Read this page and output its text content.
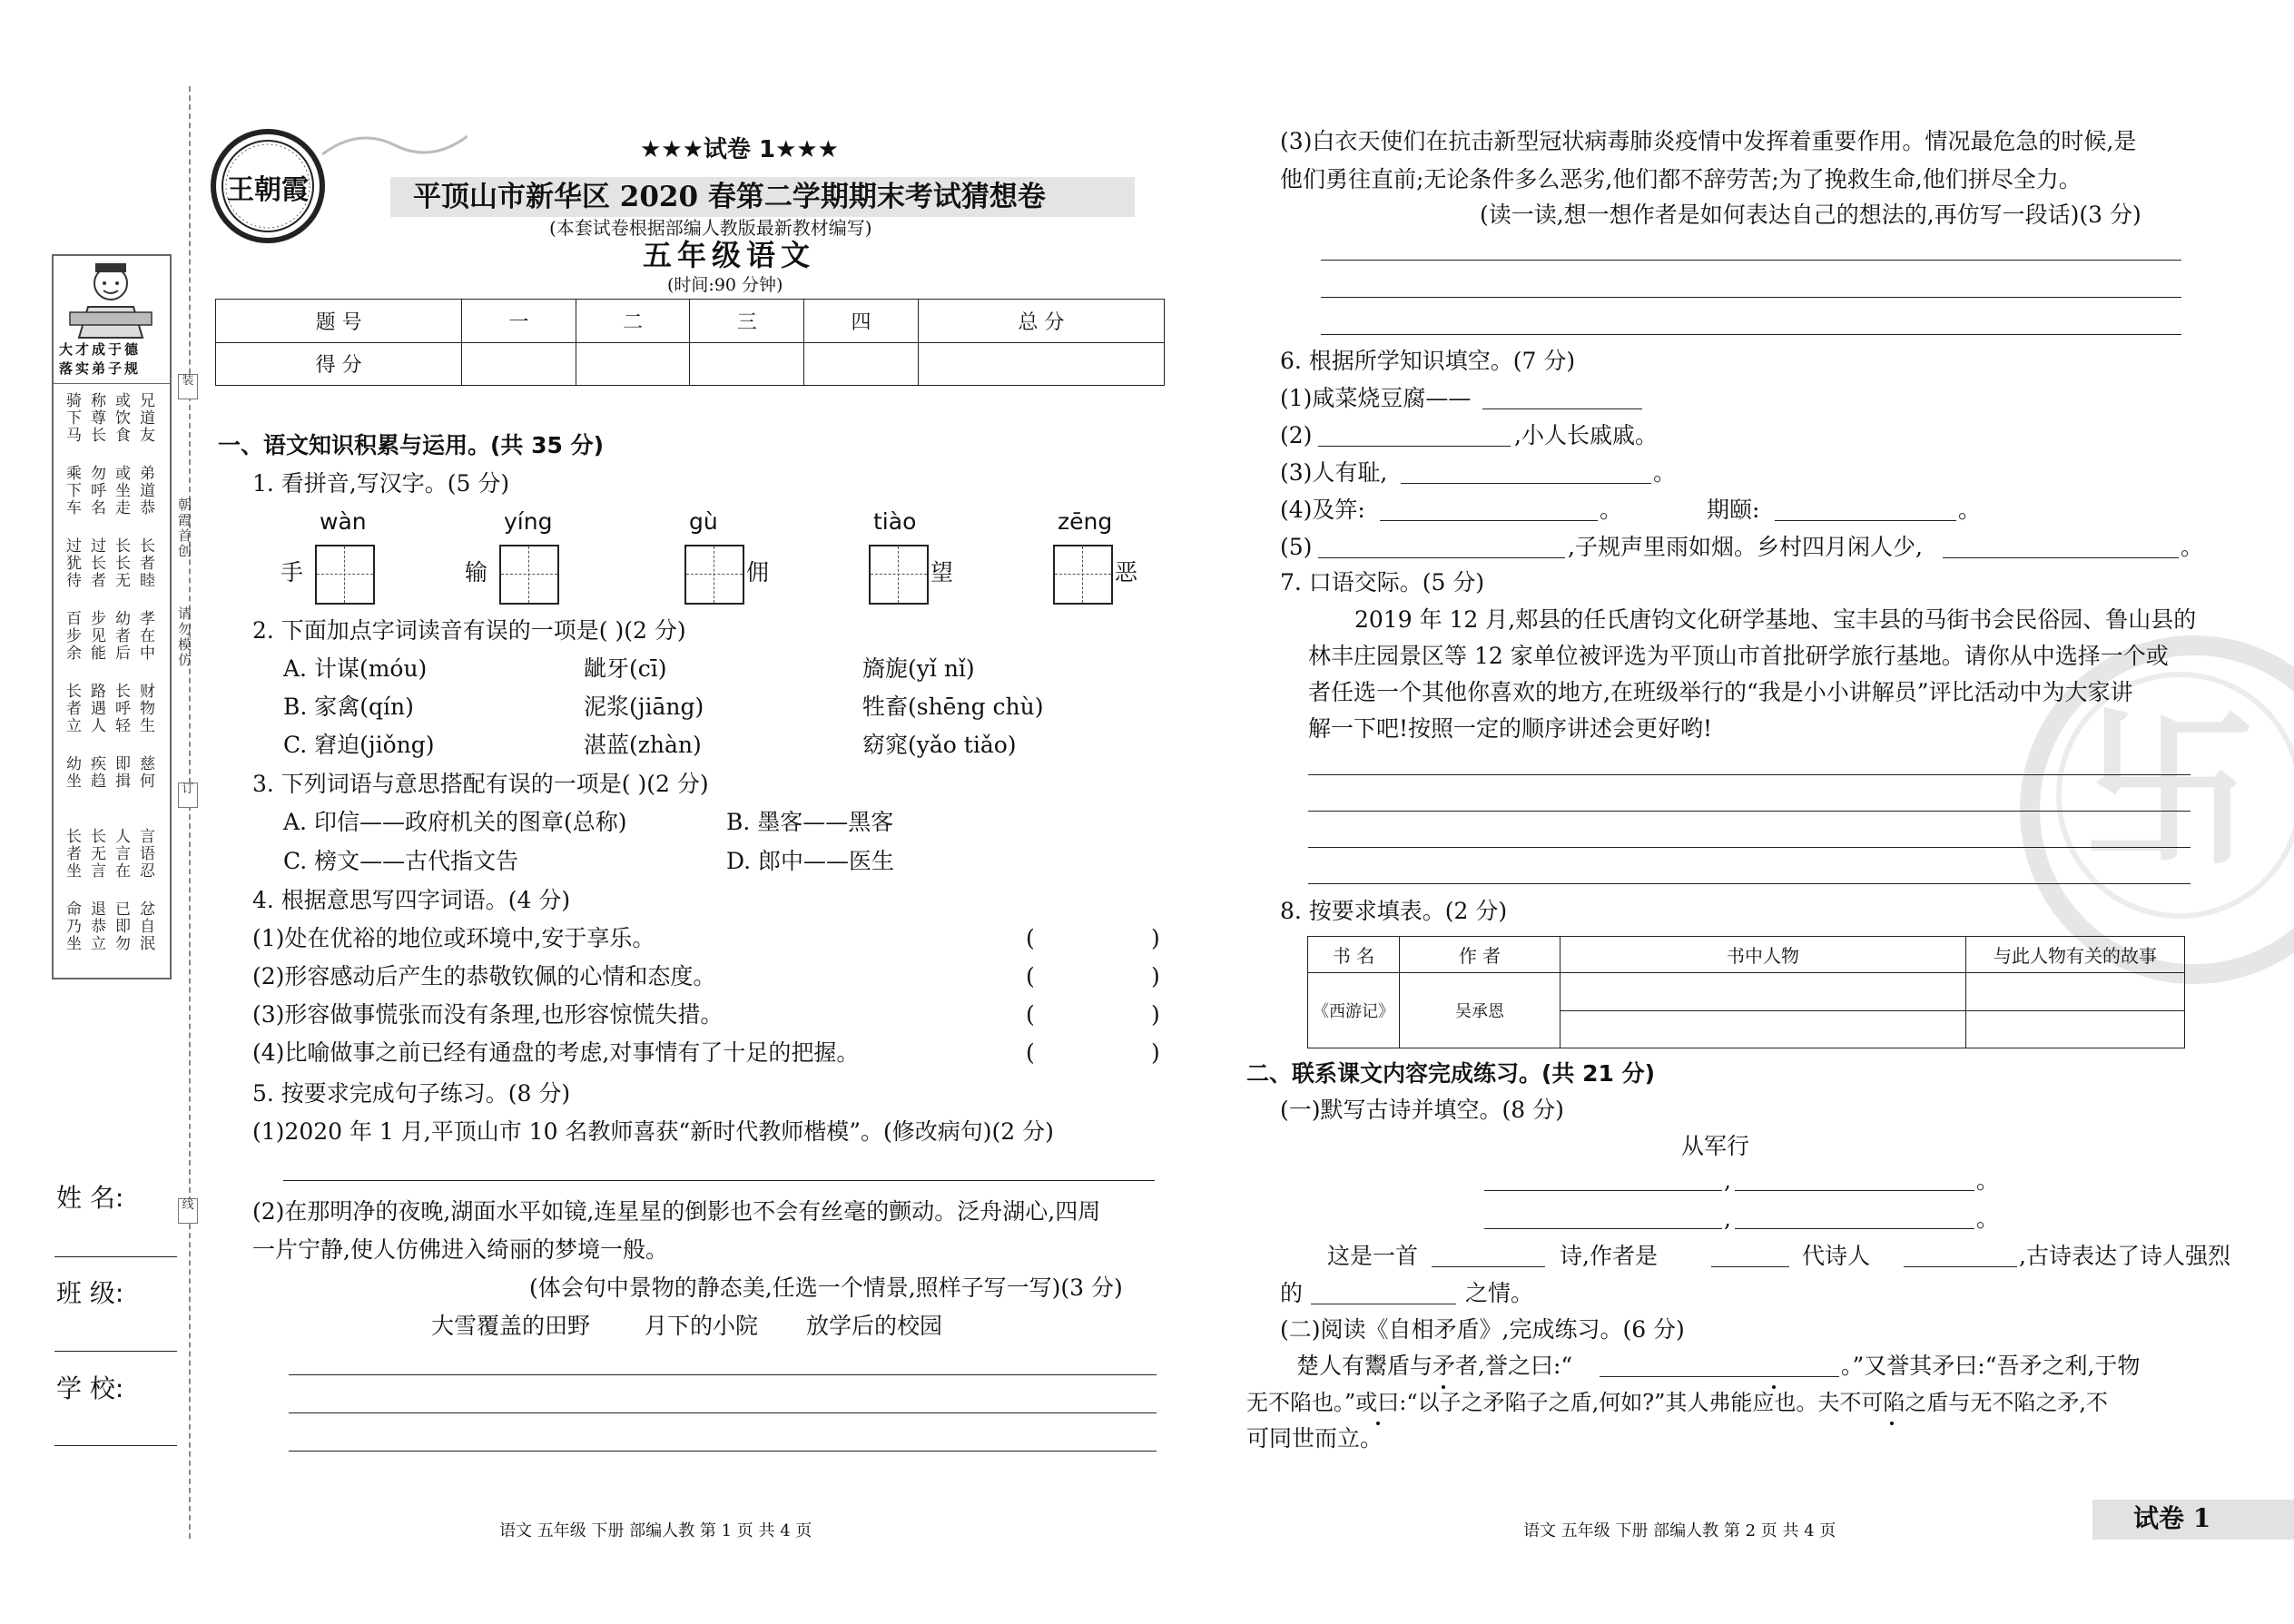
大才成于德
落实弟子规
骑下马 称尊长 或饮食 兄道友
乘下车 勿呼名 或坐走 弟道恭
过犹待 过长者 长长无 长者睦
百步余 步见能 幼者后 孝在中
长者立 路遇人 长呼轻 财物生
幼坐 疾趋 即揖 慈何
长者坐 长无言 人言在 言语忍
命乃坐 退恭立 已即勿 忿自泯
装
订
线
朝霞首创
请勿模仿
姓 名:
班 级:
学 校:
王朝霞
★★★试卷 1★★★
平顶山市新华区 2020 春第二学期期末考试猜想卷
(本套试卷根据部编人教版最新教材编写)
五年级语文
(时间:90 分钟)
题 号	一	二	三	四	总 分
得 分					
一、语文知识积累与运用。(共 35 分)
1. 看拼音,写汉字。(5 分)
wàn
手
yíng
输
gù
佣
tiào
望
zēng
恶
2. 下面加点字词读音有误的一项是( )(2 分)
A. 计谋(móu)	龇牙(cī)	旖旎(yǐ nǐ)
B. 家禽(qín)	泥浆(jiāng)	牲畜(shēng chù)
C. 窘迫(jiǒng)	湛蓝(zhàn)	窈窕(yǎo tiǎo)
3. 下列词语与意思搭配有误的一项是( )(2 分)
A. 印信——政府机关的图章(总称)	B. 墨客——黑客
C. 榜文——古代指文告	D. 郎中——医生
4. 根据意思写四字词语。(4 分)
(1)处在优裕的地位或环境中,安于享乐。	(	)
(2)形容感动后产生的恭敬钦佩的心情和态度。	(	)
(3)形容做事慌张而没有条理,也形容惊慌失措。	(	)
(4)比喻做事之前已经有通盘的考虑,对事情有了十足的把握。	(	)
5. 按要求完成句子练习。(8 分)
(1)2020 年 1 月,平顶山市 10 名教师喜获“新时代教师楷模”。(修改病句)(2 分)
(2)在那明净的夜晚,湖面水平如镜,连星星的倒影也不会有丝毫的颤动。泛舟湖心,四周
一片宁静,使人仿佛进入绮丽的梦境一般。
(体会句中景物的静态美,任选一个情景,照样子写一写)(3 分)
大雪覆盖的田野 月下的小院 放学后的校园
语文 五年级 下册 部编人教 第 1 页 共 4 页
卐
(3)白衣天使们在抗击新型冠状病毒肺炎疫情中发挥着重要作用。情况最危急的时候,是
他们勇往直前;无论条件多么恶劣,他们都不辞劳苦;为了挽救生命,他们拼尽全力。
(读一读,想一想作者是如何表达自己的想法的,再仿写一段话)(3 分)
6. 根据所学知识填空。(7 分)
(1)咸菜烧豆腐——
(2)	,小人长戚戚。
(3)人有耻,	。
(4)及笄:	。	期颐:	。
(5)	,子规声里雨如烟。乡村四月闲人少,	。
7. 口语交际。(5 分)
2019 年 12 月,郏县的任氏唐钧文化研学基地、宝丰县的马街书会民俗园、鲁山县的
林丰庄园景区等 12 家单位被评选为平顶山市首批研学旅行基地。请你从中选择一个或
者任选一个其他你喜欢的地方,在班级举行的“我是小小讲解员”评比活动中为大家讲
解一下吧!按照一定的顺序讲述会更好哟!
8. 按要求填表。(2 分)
书 名	作 者	书中人物	与此人物有关的故事
《西游记》	吴承恩		

二、联系课文内容完成练习。(共 21 分)
(一)默写古诗并填空。(8 分)
从军行
,	。
,	。
这是一首	诗,作者是	代诗人	,古诗表达了诗人强烈
的	之情。
(二)阅读《自相矛盾》,完成练习。(6 分)
楚人有鬻盾与矛者,誉之曰:“	。”又誉其矛曰:“吾矛之利,于物
无不陷也。”或曰:“以子之矛陷子之盾,何如?”其人弗能应也。夫不可陷之盾与无不陷之矛,不
可同世而立。
语文 五年级 下册 部编人教 第 2 页 共 4 页	试卷 1
